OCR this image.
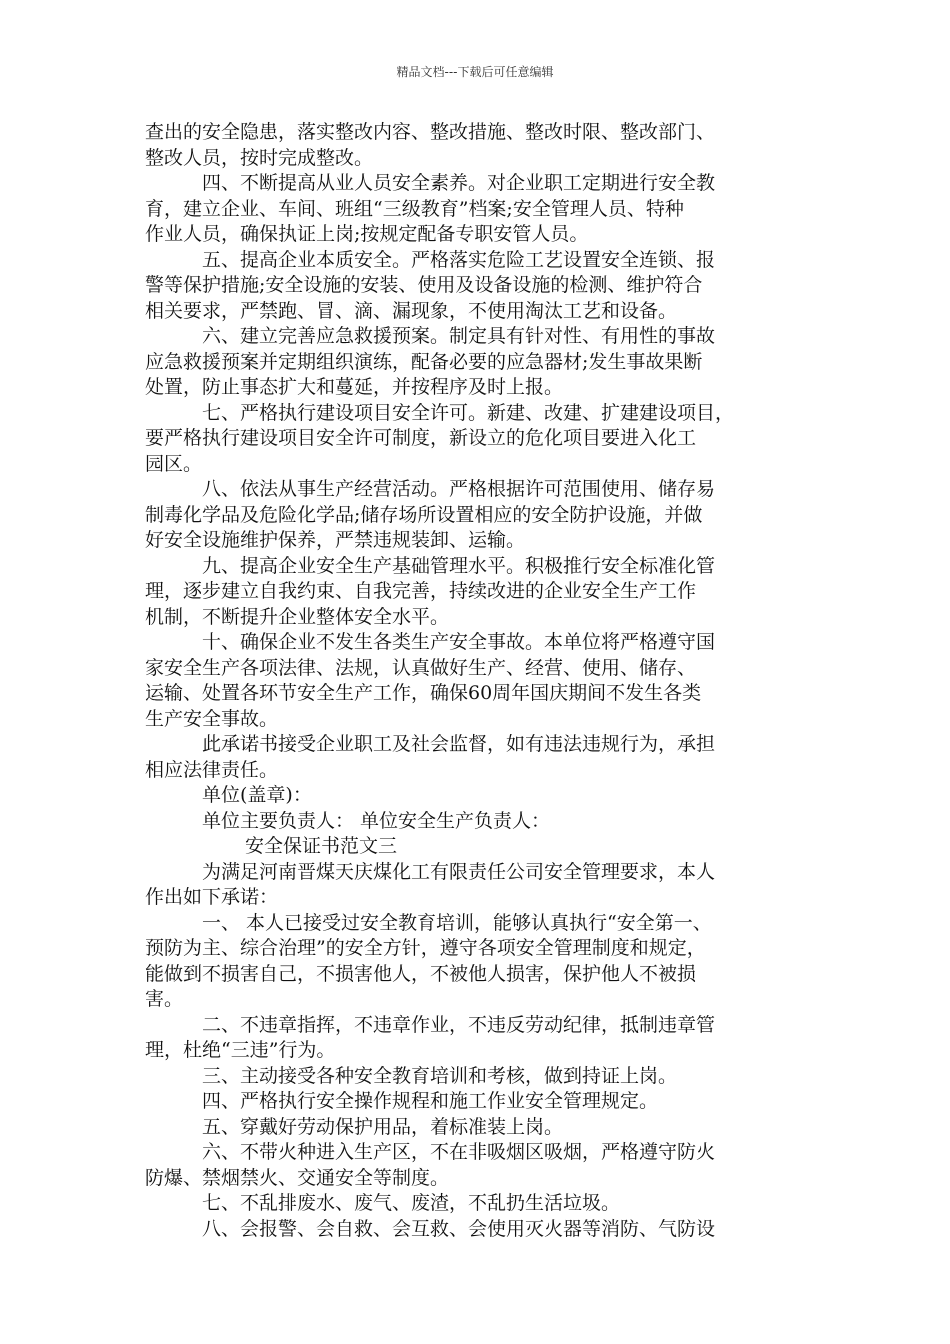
精品文档---下载后可任意编辑
查出的安全隐患，落实整改内容、整改措施、整改时限、整改部门、
整改人员，按时完成整改。
四、不断提高从业人员安全素养。对企业职工定期进行安全教
育，建立企业、车间、班组“三级教育”档案;安全管理人员、特种
作业人员，确保执证上岗;按规定配备专职安管人员。
五、提高企业本质安全。严格落实危险工艺设置安全连锁、报
警等保护措施;安全设施的安装、使用及设备设施的检测、维护符合
相关要求，严禁跑、冒、滴、漏现象，不使用淘汰工艺和设备。
六、建立完善应急救援预案。制定具有针对性、有用性的事故
应急救援预案并定期组织演练，配备必要的应急器材;发生事故果断
处置，防止事态扩大和蔓延，并按程序及时上报。
七、严格执行建设项目安全许可。新建、改建、扩建建设项目，
要严格执行建设项目安全许可制度，新设立的危化项目要进入化工
园区。
八、依法从事生产经营活动。严格根据许可范围使用、储存易
制毒化学品及危险化学品;储存场所设置相应的安全防护设施，并做
好安全设施维护保养，严禁违规装卸、运输。
九、提高企业安全生产基础管理水平。积极推行安全标准化管
理，逐步建立自我约束、自我完善，持续改进的企业安全生产工作
机制，不断提升企业整体安全水平。
十、确保企业不发生各类生产安全事故。本单位将严格遵守国
家安全生产各项法律、法规，认真做好生产、经营、使用、储存、
运输、处置各环节安全生产工作，确保60周年国庆期间不发生各类
生产安全事故。
此承诺书接受企业职工及社会监督，如有违法违规行为，承担
相应法律责任。
单位(盖章)：
单位主要负责人： 单位安全生产负责人：
安全保证书范文三
为满足河南晋煤天庆煤化工有限责任公司安全管理要求，本人
作出如下承诺：
一、 本人已接受过安全教育培训，能够认真执行“安全第一、
预防为主、综合治理”的安全方针，遵守各项安全管理制度和规定，
能做到不损害自己，不损害他人，不被他人损害，保护他人不被损
害。
二、不违章指挥，不违章作业，不违反劳动纪律，抵制违章管
理，杜绝“三违”行为。
三、主动接受各种安全教育培训和考核，做到持证上岗。
四、严格执行安全操作规程和施工作业安全管理规定。
五、穿戴好劳动保护用品，着标准装上岗。
六、不带火种进入生产区，不在非吸烟区吸烟，严格遵守防火
防爆、禁烟禁火、交通安全等制度。
七、不乱排废水、废气、废渣，不乱扔生活垃圾。
八、会报警、会自救、会互救、会使用灭火器等消防、气防设
